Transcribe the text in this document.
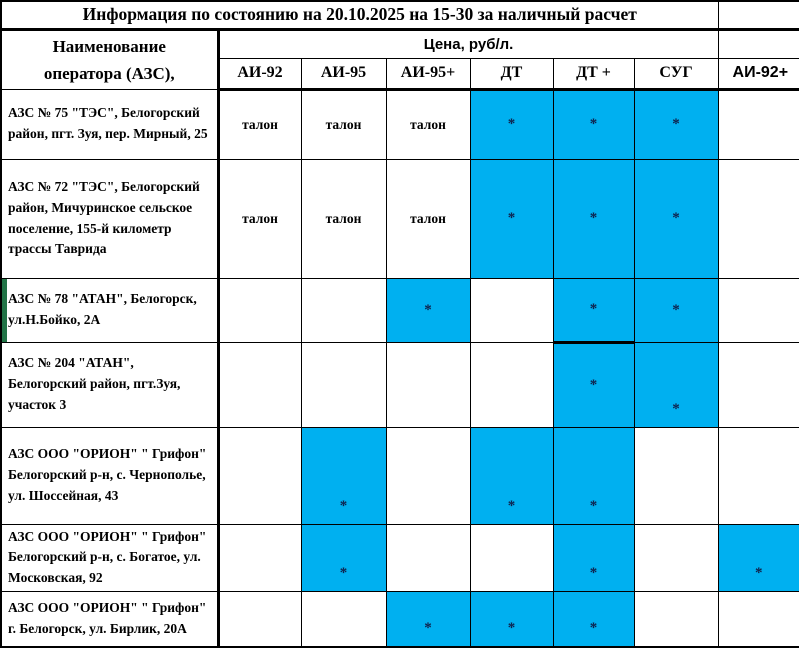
Информация по состоянию на 20.10.2025 на 15-30 за наличный расчет							

Наименование
оператора (АЗС),	Цена, руб/л.						
	АИ-92	АИ-95	АИ-95+	ДТ	ДТ +	СУГ	АИ-92+
АЗС № 75 "ТЭС", Белогорский район, пгт. Зуя, пер. Мирный, 25	талон	талон	талон	*	*	*	
АЗС № 72 "ТЭС", Белогорский район, Мичуринское сельское поселение, 155-й километр трассы Таврида	талон	талон	талон	*	*	*	
АЗС № 78 "АТАН", Белогорск, ул.Н.Бойко, 2А			*		*	*	
АЗС № 204 "АТАН", Белогорский район, пгт.Зуя, участок 3					*	*	
АЗС ООО "ОРИОН" " Грифон" Белогорский р-н, с. Чернополье, ул. Шоссейная, 43		*		*	*		
АЗС ООО "ОРИОН" " Грифон" Белогорский р-н, с. Богатое, ул. Московская, 92		*			*		*
АЗС ООО "ОРИОН" " Грифон" г. Белогорск, ул. Бирлик, 20А			*	*	*		
